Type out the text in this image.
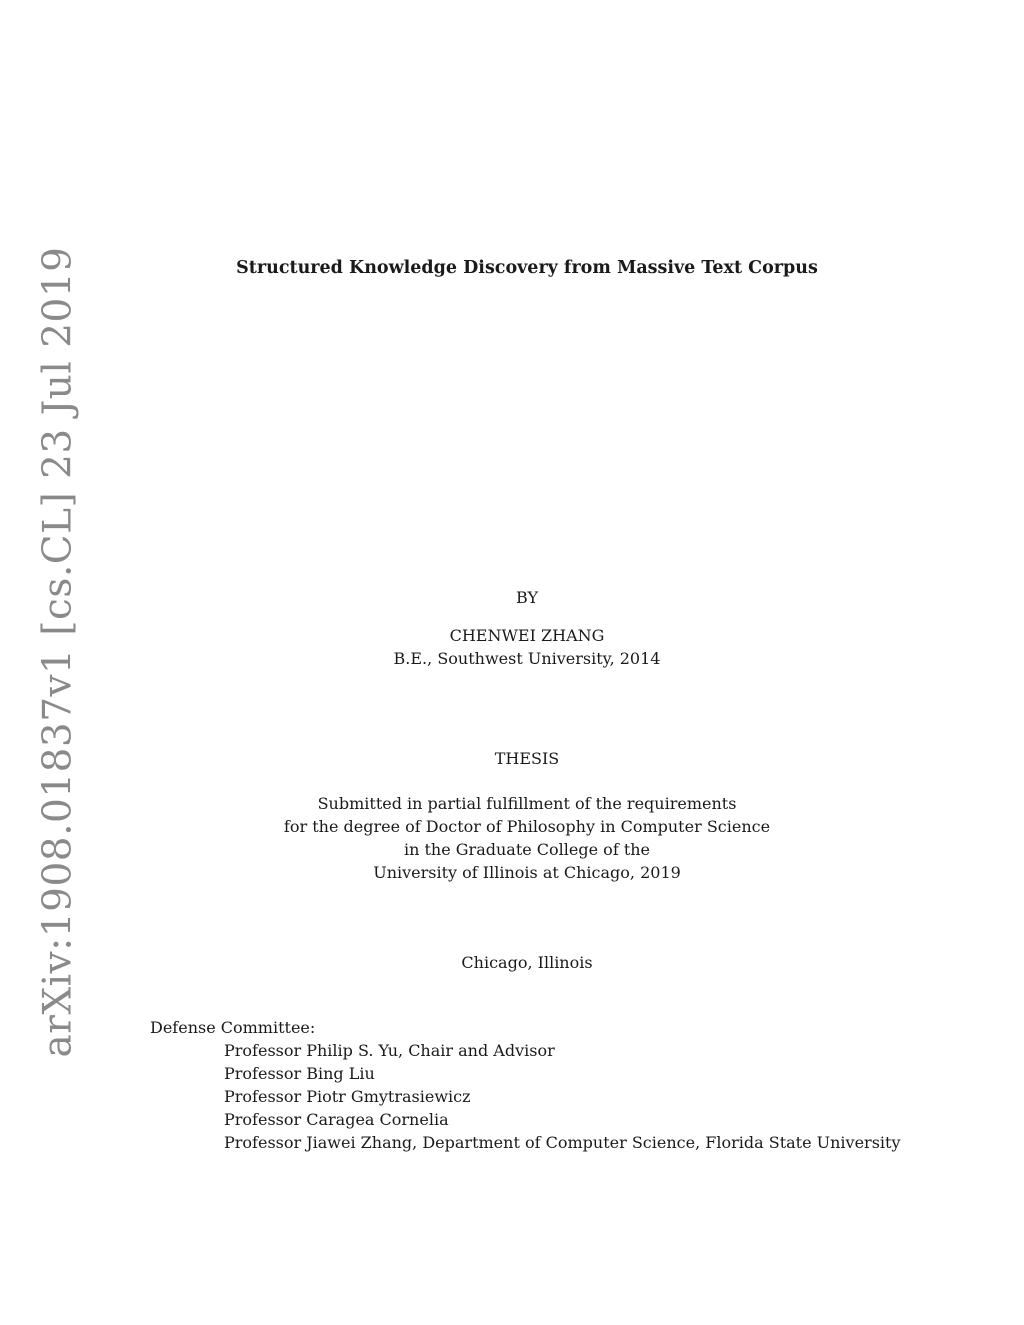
arXiv:1908.01837v1 [cs.CL] 23 Jul 2019	Structured Knowledge Discovery from Massive Text Corpus
BY
CHENWEI ZHANG
B.E., Southwest University, 2014
THESIS
Submitted in partial fulfillment of the requirements
for the degree of Doctor of Philosophy in Computer Science
in the Graduate College of the
University of Illinois at Chicago, 2019
Chicago, Illinois
Defense Committee:
Professor Philip S. Yu, Chair and Advisor
Professor Bing Liu
Professor Piotr Gmytrasiewicz
Professor Caragea Cornelia
Professor Jiawei Zhang, Department of Computer Science, Florida State University
